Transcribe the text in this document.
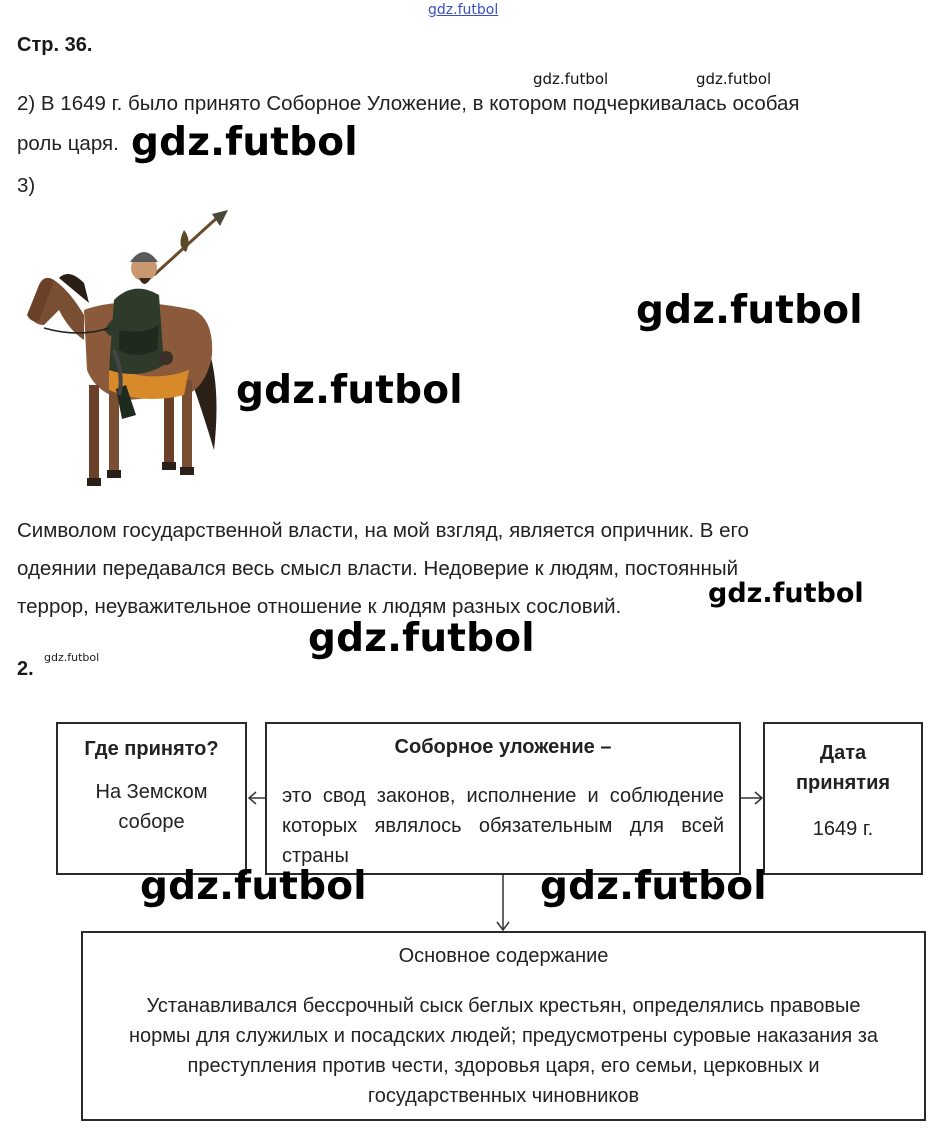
gdz.futbol
Стр. 36.
gdz.futbol	gdz.futbol
2) В 1649 г. было принято Соборное Уложение, в котором подчеркивалась особая
роль царя. gdz.futbol
3)
gdz.futbol
gdz.futbol
Символом государственной власти, на мой взгляд, является опричник. В его
одеянии передавался весь смысл власти. Недоверие к людям, постоянный
террор, неуважительное отношение к людям разных сословий.	gdz.futbol
gdz.futbol
2.
gdz.futbol
Где принято?
На Земском соборе
Соборное уложение –
это свод законов, исполнение и соблюдение которых являлось обязательным для всей страны
Дата принятия
1649 г.
Основное содержание
Устанавливался бессрочный сыск беглых крестьян, определялись правовые нормы для служилых и посадских людей; предусмотрены суровые наказания за преступления против чести, здоровья царя, его семьи, церковных и государственных чиновников
gdz.futbol	gdz.futbol
